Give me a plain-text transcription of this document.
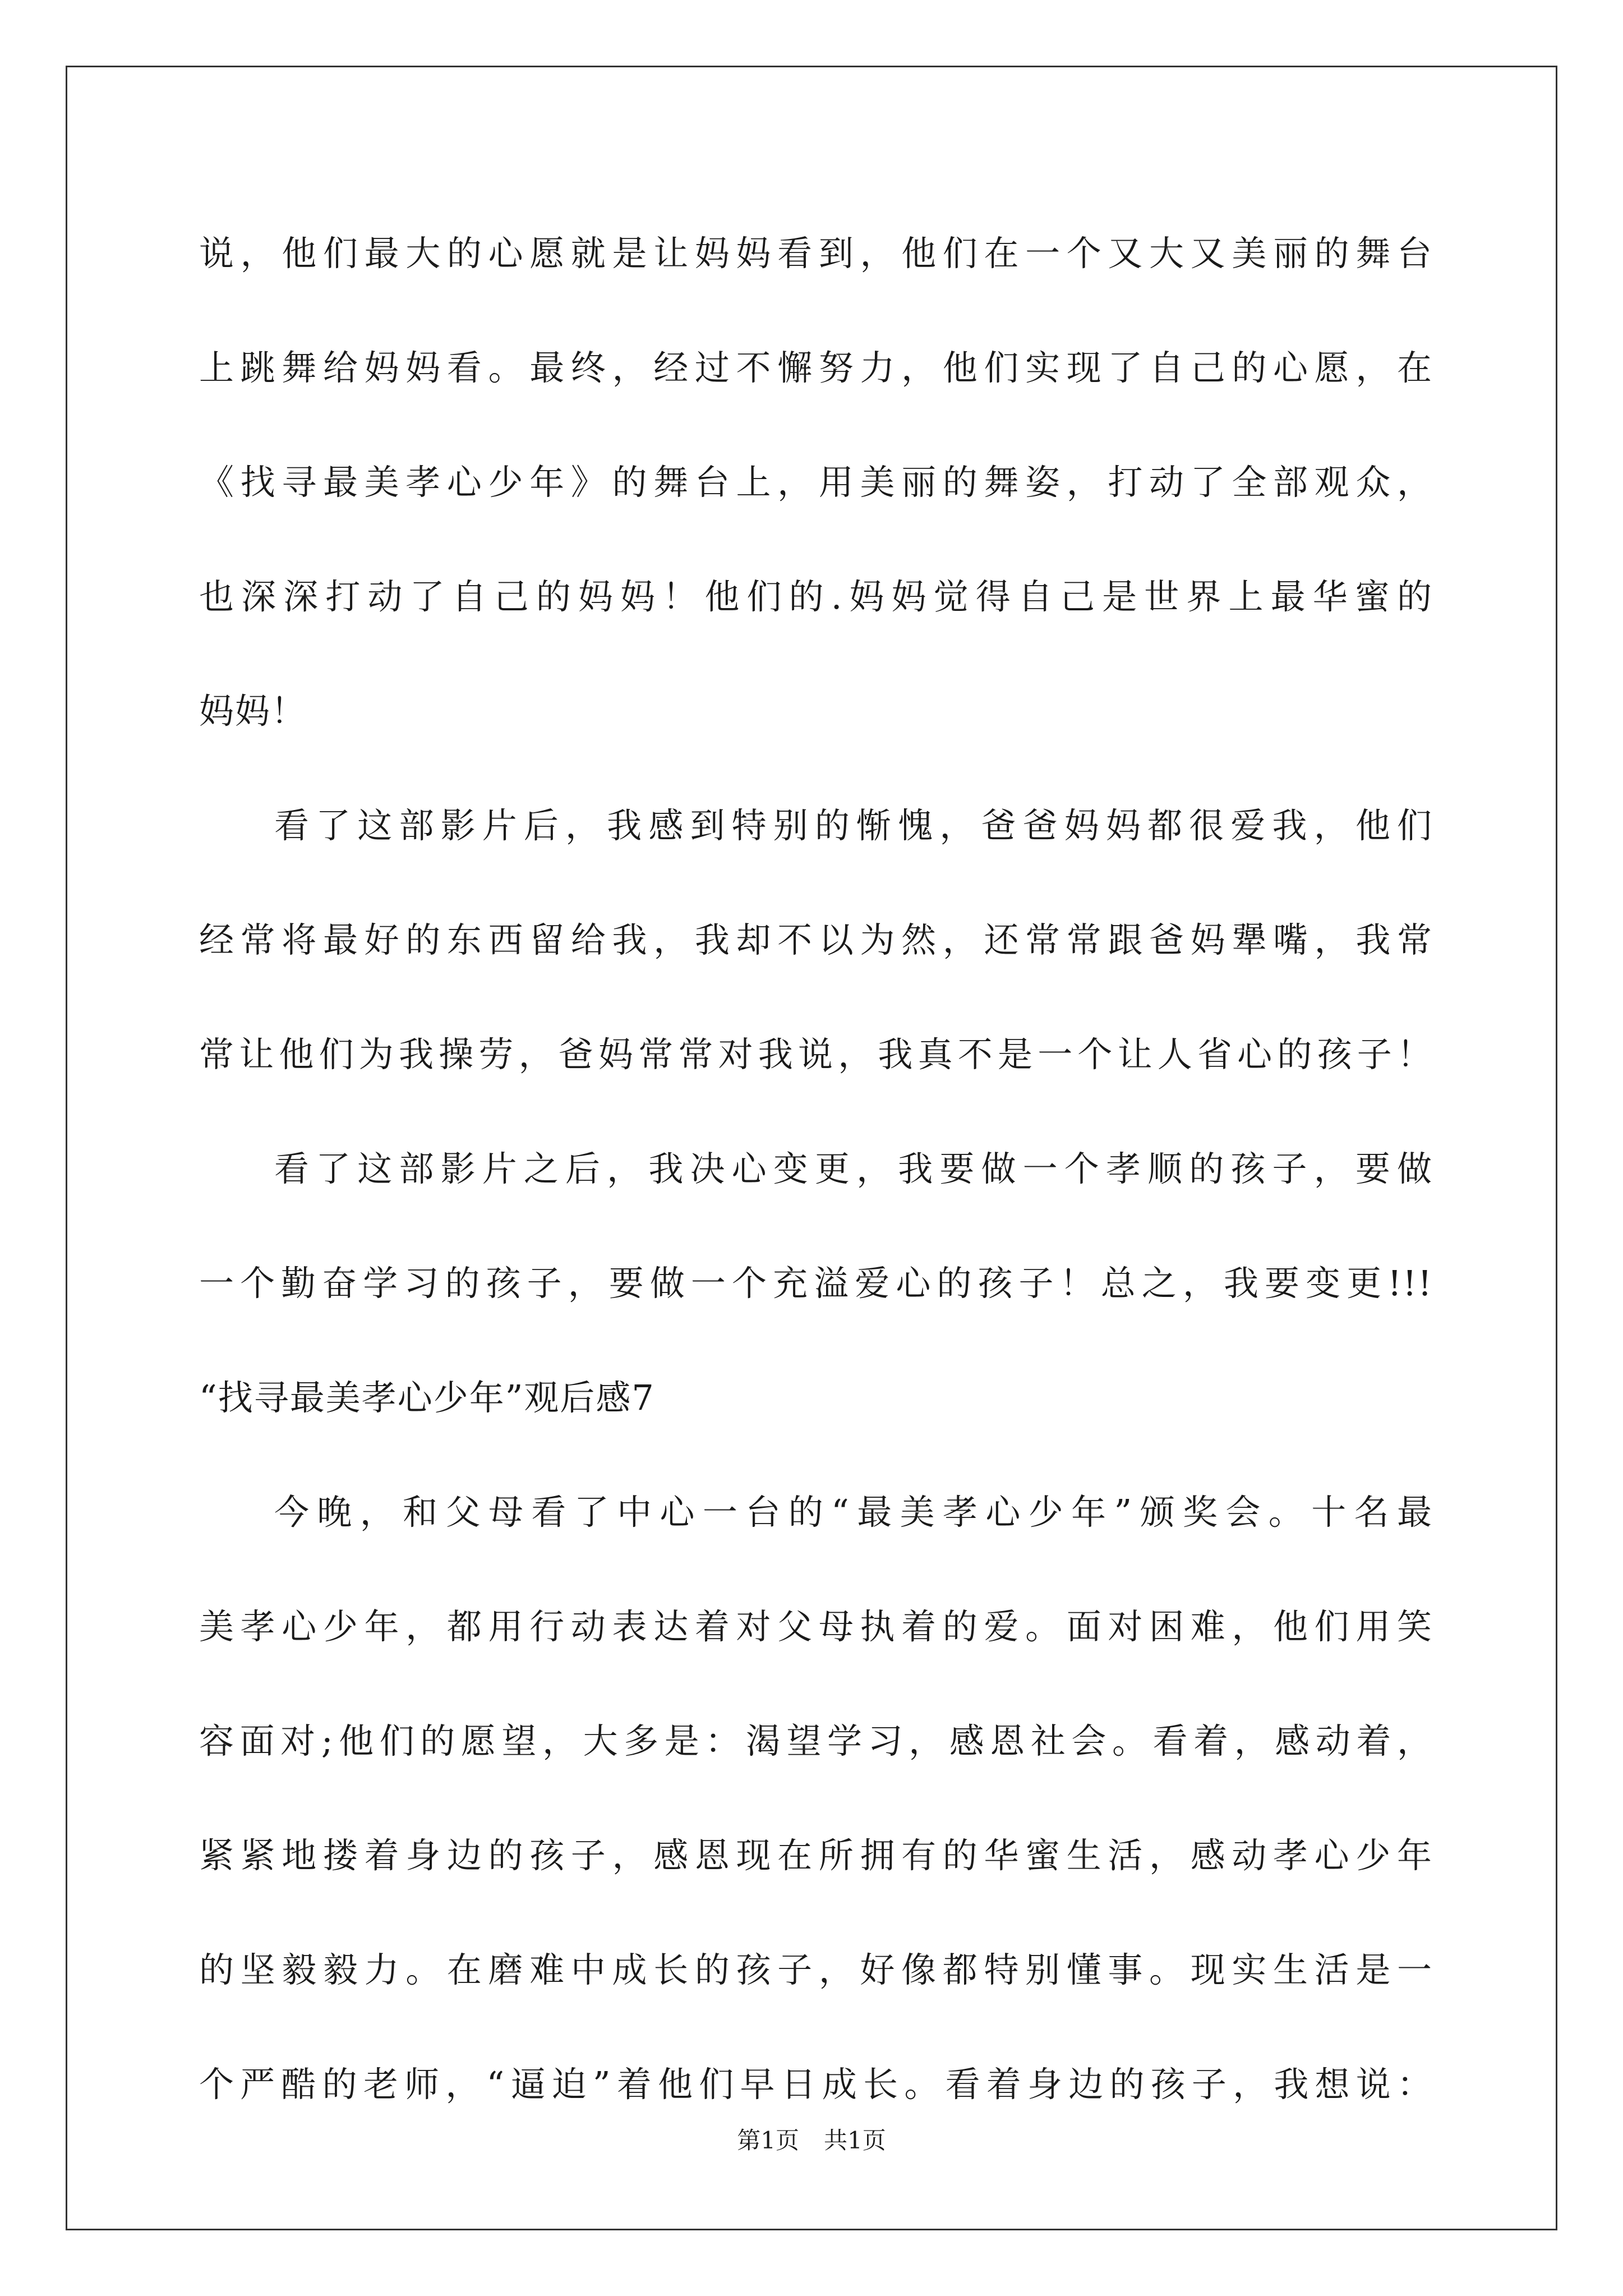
说，他们最大的心愿就是让妈妈看到，他们在一个又大又美丽的舞台
上跳舞给妈妈看。最终，经过不懈努力，他们实现了自己的心愿，在
《找寻最美孝心少年》的舞台上，用美丽的舞姿，打动了全部观众，
也深深打动了自己的妈妈！他们的.妈妈觉得自己是世界上最华蜜的
妈妈！
看了这部影片后，我感到特别的惭愧，爸爸妈妈都很爱我，他们
经常将最好的东西留给我，我却不以为然，还常常跟爸妈犟嘴，我常
常让他们为我操劳，爸妈常常对我说，我真不是一个让人省心的孩子！
看了这部影片之后，我决心变更，我要做一个孝顺的孩子，要做
一个勤奋学习的孩子，要做一个充溢爱心的孩子！总之，我要变更!!!
“找寻最美孝心少年”观后感7
今晚，和父母看了中心一台的“最美孝心少年”颁奖会。十名最
美孝心少年，都用行动表达着对父母执着的爱。面对困难，他们用笑
容面对;他们的愿望，大多是：渴望学习，感恩社会。看着，感动着，
紧紧地搂着身边的孩子，感恩现在所拥有的华蜜生活，感动孝心少年
的坚毅毅力。在磨难中成长的孩子，好像都特别懂事。现实生活是一
个严酷的老师，“逼迫”着他们早日成长。看着身边的孩子，我想说：
第1页 共1页
